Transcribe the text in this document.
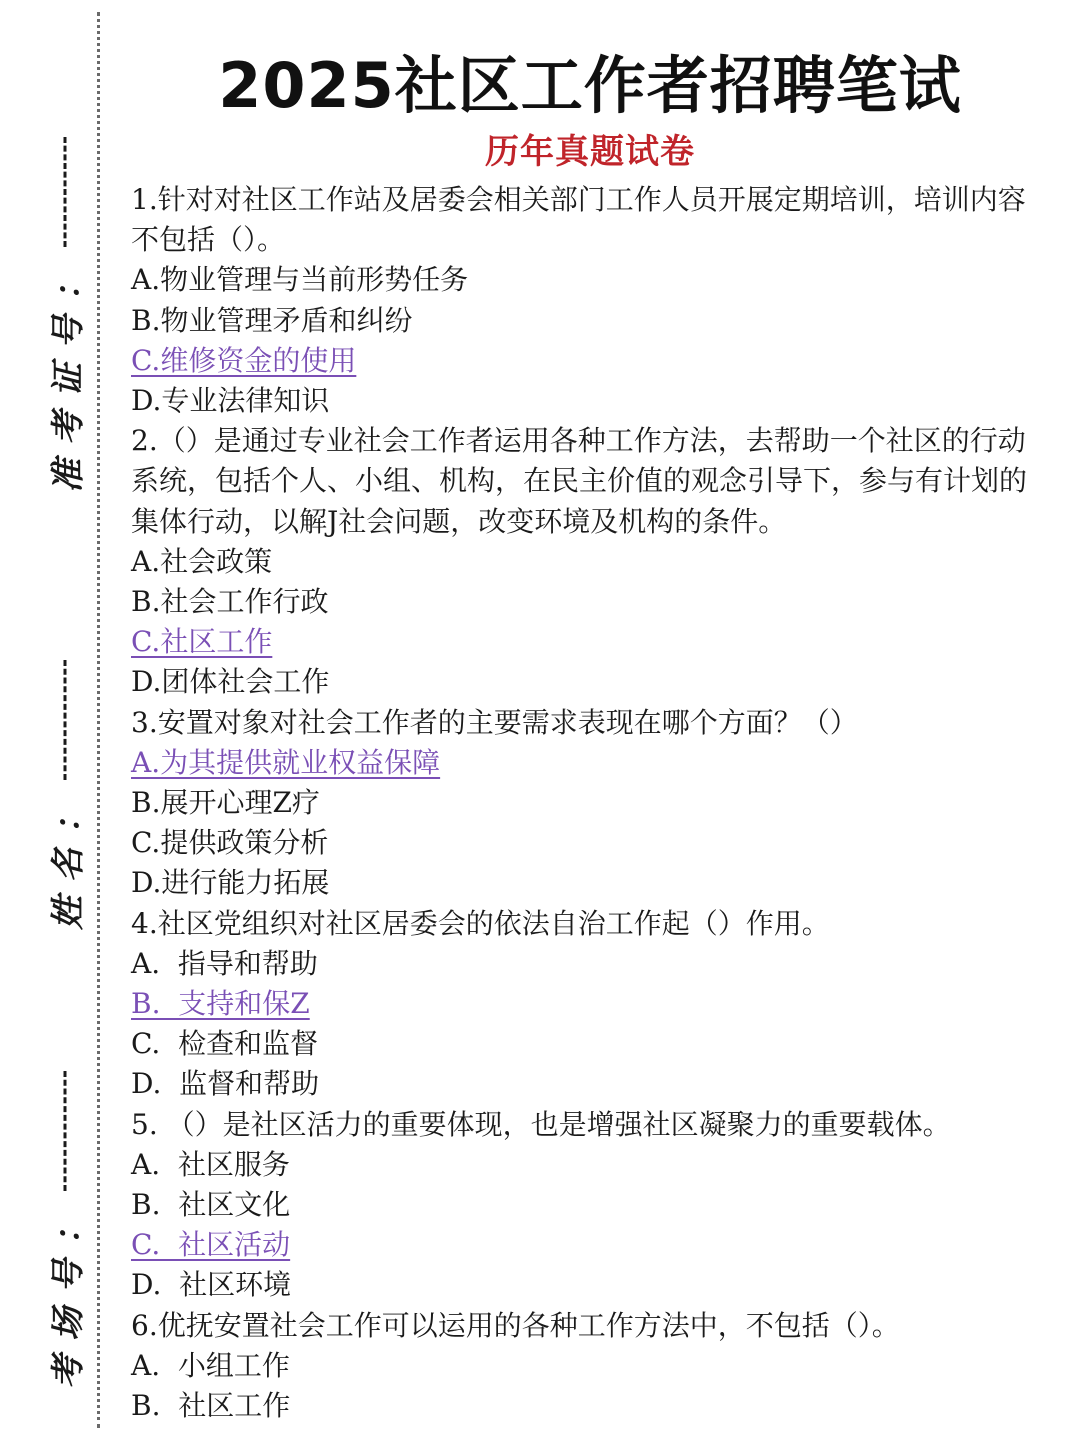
准考证号：
姓名：
考场号：
2025社区工作者招聘笔试
历年真题试卷

1.针对对社区工作站及居委会相关部门工作人员开展定期培训，培训内容不包括（）。

A.物业管理与当前形势任务
B.物业管理矛盾和纠纷
C.维修资金的使用
D.专业法律知识

2.（）是通过专业社会工作者运用各种工作方法，去帮助一个社区的行动系统，包括个人、小组、机构，在民主价值的观念引导下，参与有计划的集体行动，以解J社会问题，改变环境及机构的条件。

A.社会政策
B.社会工作行政
C.社区工作
D.团体社会工作

3.安置对象对社会工作者的主要需求表现在哪个方面？（）

A.为其提供就业权益保障
B.展开心理Z疗
C.提供政策分析
D.进行能力拓展

4.社区党组织对社区居委会的依法自治工作起（）作用。

A.  指导和帮助
B.  支持和保Z
C.  检查和监督
D.  监督和帮助

5. （）是社区活力的重要体现，也是增强社区凝聚力的重要载体。

A.  社区服务
B.  社区文化
C.  社区活动
D.  社区环境

6.优抚安置社会工作可以运用的各种工作方法中，不包括（）。

A.  小组工作
B.  社区工作
